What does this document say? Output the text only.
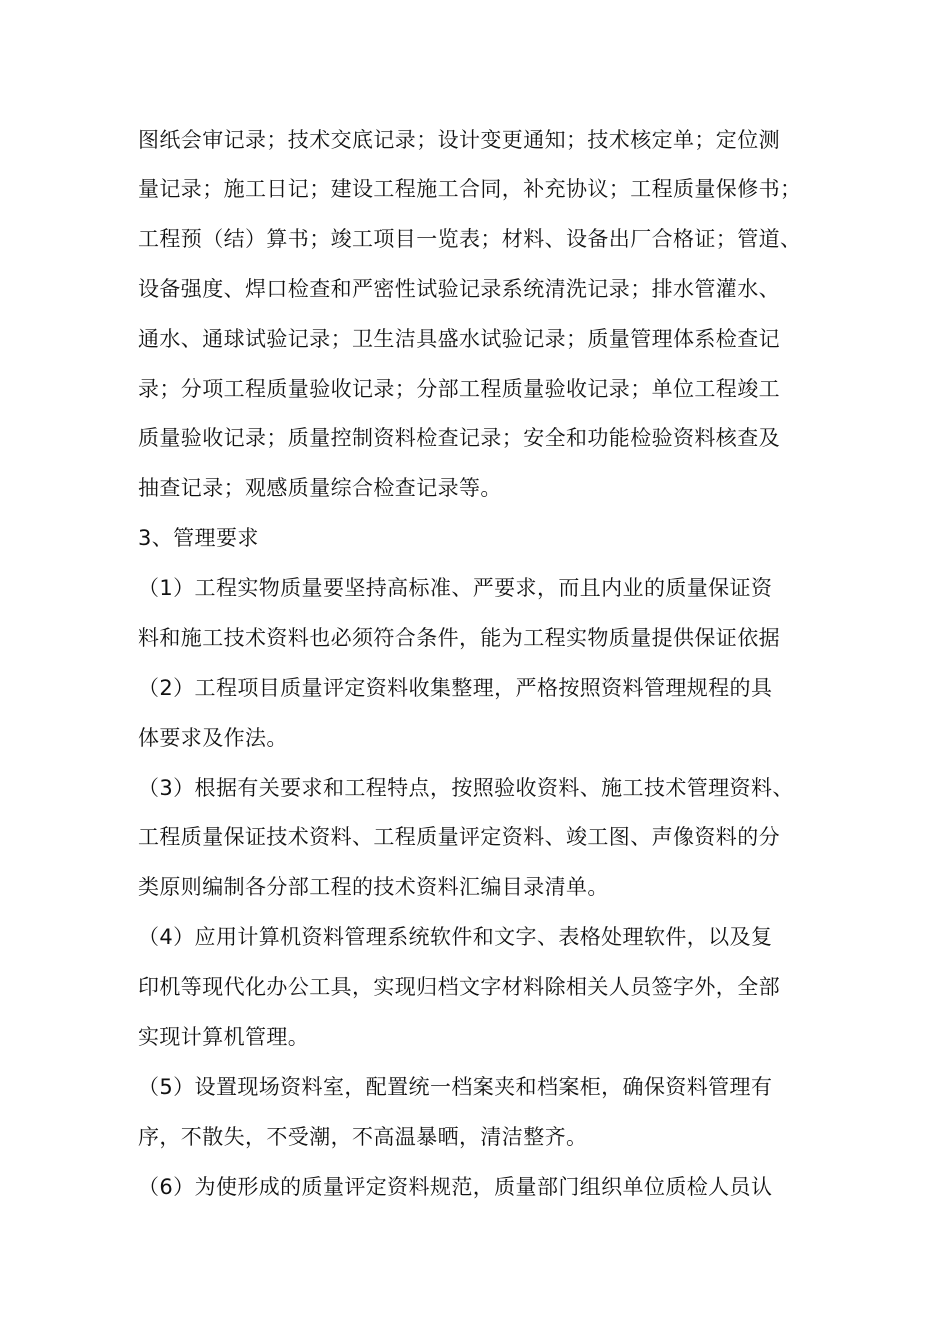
图纸会审记录；技术交底记录；设计变更通知；技术核定单；定位测
量记录；施工日记；建设工程施工合同，补充协议；工程质量保修书；
工程预（结）算书；竣工项目一览表；材料、设备出厂合格证；管道、
设备强度、焊口检查和严密性试验记录系统清洗记录；排水管灌水、
通水、通球试验记录；卫生洁具盛水试验记录；质量管理体系检查记
录；分项工程质量验收记录；分部工程质量验收记录；单位工程竣工
质量验收记录；质量控制资料检查记录；安全和功能检验资料核查及
抽查记录；观感质量综合检查记录等。
3、管理要求
（1）工程实物质量要坚持高标准、严要求，而且内业的质量保证资
料和施工技术资料也必须符合条件，能为工程实物质量提供保证依据
（2）工程项目质量评定资料收集整理，严格按照资料管理规程的具
体要求及作法。
（3）根据有关要求和工程特点，按照验收资料、施工技术管理资料、
工程质量保证技术资料、工程质量评定资料、竣工图、声像资料的分
类原则编制各分部工程的技术资料汇编目录清单。
（4）应用计算机资料管理系统软件和文字、表格处理软件，以及复
印机等现代化办公工具，实现归档文字材料除相关人员签字外，全部
实现计算机管理。
（5）设置现场资料室，配置统一档案夹和档案柜，确保资料管理有
序，不散失，不受潮，不高温暴晒，清洁整齐。
（6）为使形成的质量评定资料规范，质量部门组织单位质检人员认
